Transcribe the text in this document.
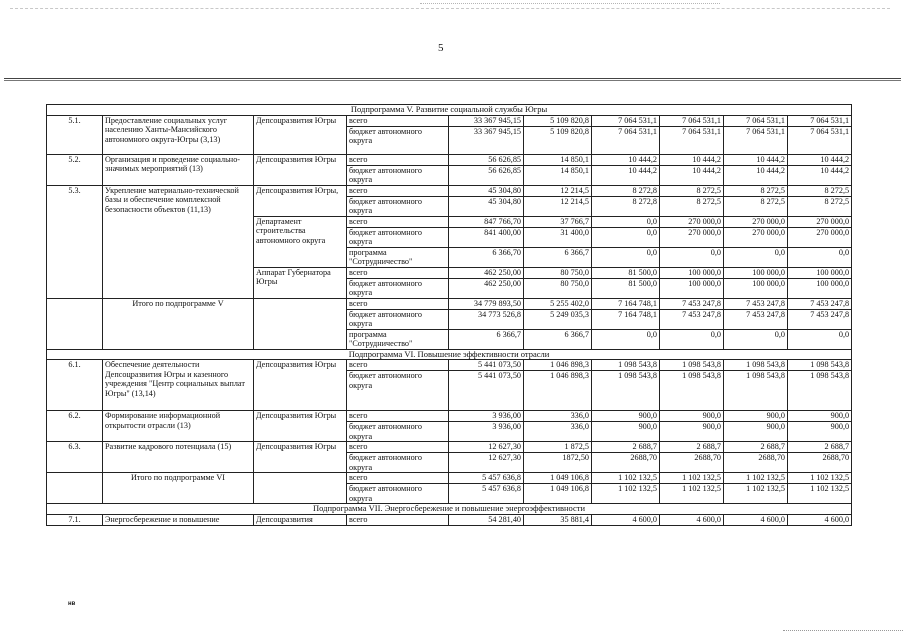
5
Подпрограмма V. Развитие социальной службы Югры									
5.1.	Предоставление социальных услуг населению Ханты-Мансийского автономного округа-Югры (3,13)	Депсоцразвития Югры	всего	33 367 945,15	5 109 820,8	7 064 531,1	7 064 531,1	7 064 531,1	7 064 531,1
			бюджет автономного округа	33 367 945,15	5 109 820,8	7 064 531,1	7 064 531,1	7 064 531,1	7 064 531,1
5.2.	Организация и проведение социально-значимых мероприятий (13)	Депсоцразвития Югры	всего	56 626,85	14 850,1	10 444,2	10 444,2	10 444,2	10 444,2
			бюджет автономного округа	56 626,85	14 850,1	10 444,2	10 444,2	10 444,2	10 444,2
5.3.	Укрепление материально-технической базы и обеспечение комплексной безопасности объектов (11,13)	Депсоцразвития Югры,	всего	45 304,80	12 214,5	8 272,8	8 272,5	8 272,5	8 272,5
			бюджет автономного округа	45 304,80	12 214,5	8 272,8	8 272,5	8 272,5	8 272,5
		Департамент строительства автономного округа	всего	847 766,70	37 766,7	0,0	270 000,0	270 000,0	270 000,0
			бюджет автономного округа	841 400,00	31 400,0	0,0	270 000,0	270 000,0	270 000,0
			программа "Сотрудничество"	6 366,70	6 366,7	0,0	0,0	0,0	0,0
		Аппарат Губернатора Югры	всего	462 250,00	80 750,0	81 500,0	100 000,0	100 000,0	100 000,0
			бюджет автономного округа	462 250,00	80 750,0	81 500,0	100 000,0	100 000,0	100 000,0
	Итого по подпрограмме V		всего	34 779 893,50	5 255 402,0	7 164 748,1	7 453 247,8	7 453 247,8	7 453 247,8
			бюджет автономного округа	34 773 526,8	5 249 035,3	7 164 748,1	7 453 247,8	7 453 247,8	7 453 247,8
			программа "Сотрудничество"	6 366,7	6 366,7	0,0	0,0	0,0	0,0
Подпрограмма VI. Повышение эффективности отрасли									
6.1.	Обеспечение деятельности Депсоцразвития Югры и казенного учреждения "Центр социальных выплат Югры" (13,14)	Депсоцразвития Югры	всего	5 441 073,50	1 046 898,3	1 098 543,8	1 098 543,8	1 098 543,8	1 098 543,8
			бюджет автономного округа	5 441 073,50	1 046 898,3	1 098 543,8	1 098 543,8	1 098 543,8	1 098 543,8
6.2.	Формирование информационной открытости отрасли (13)	Депсоцразвития Югры	всего	3 936,00	336,0	900,0	900,0	900,0	900,0
			бюджет автономного округа	3 936,00	336,0	900,0	900,0	900,0	900,0
6.3.	Развитие кадрового потенциала (15)	Депсоцразвития Югры	всего	12 627,30	1 872,5	2 688,7	2 688,7	2 688,7	2 688,7
			бюджет автономного округа	12 627,30	1872,50	2688,70	2688,70	2688,70	2688,70
	Итого по подпрограмме VI		всего	5 457 636,8	1 049 106,8	1 102 132,5	1 102 132,5	1 102 132,5	1 102 132,5
			бюджет автономного округа	5 457 636,8	1 049 106,8	1 102 132,5	1 102 132,5	1 102 132,5	1 102 132,5
Подпрограмма VII. Энергосбережение и повышение энергоэффективности									
7.1.	Энергосбережение и повышение	Депсоцразвития	всего	54 281,40	35 881,4	4 600,0	4 600,0	4 600,0	4 600,0
нв
